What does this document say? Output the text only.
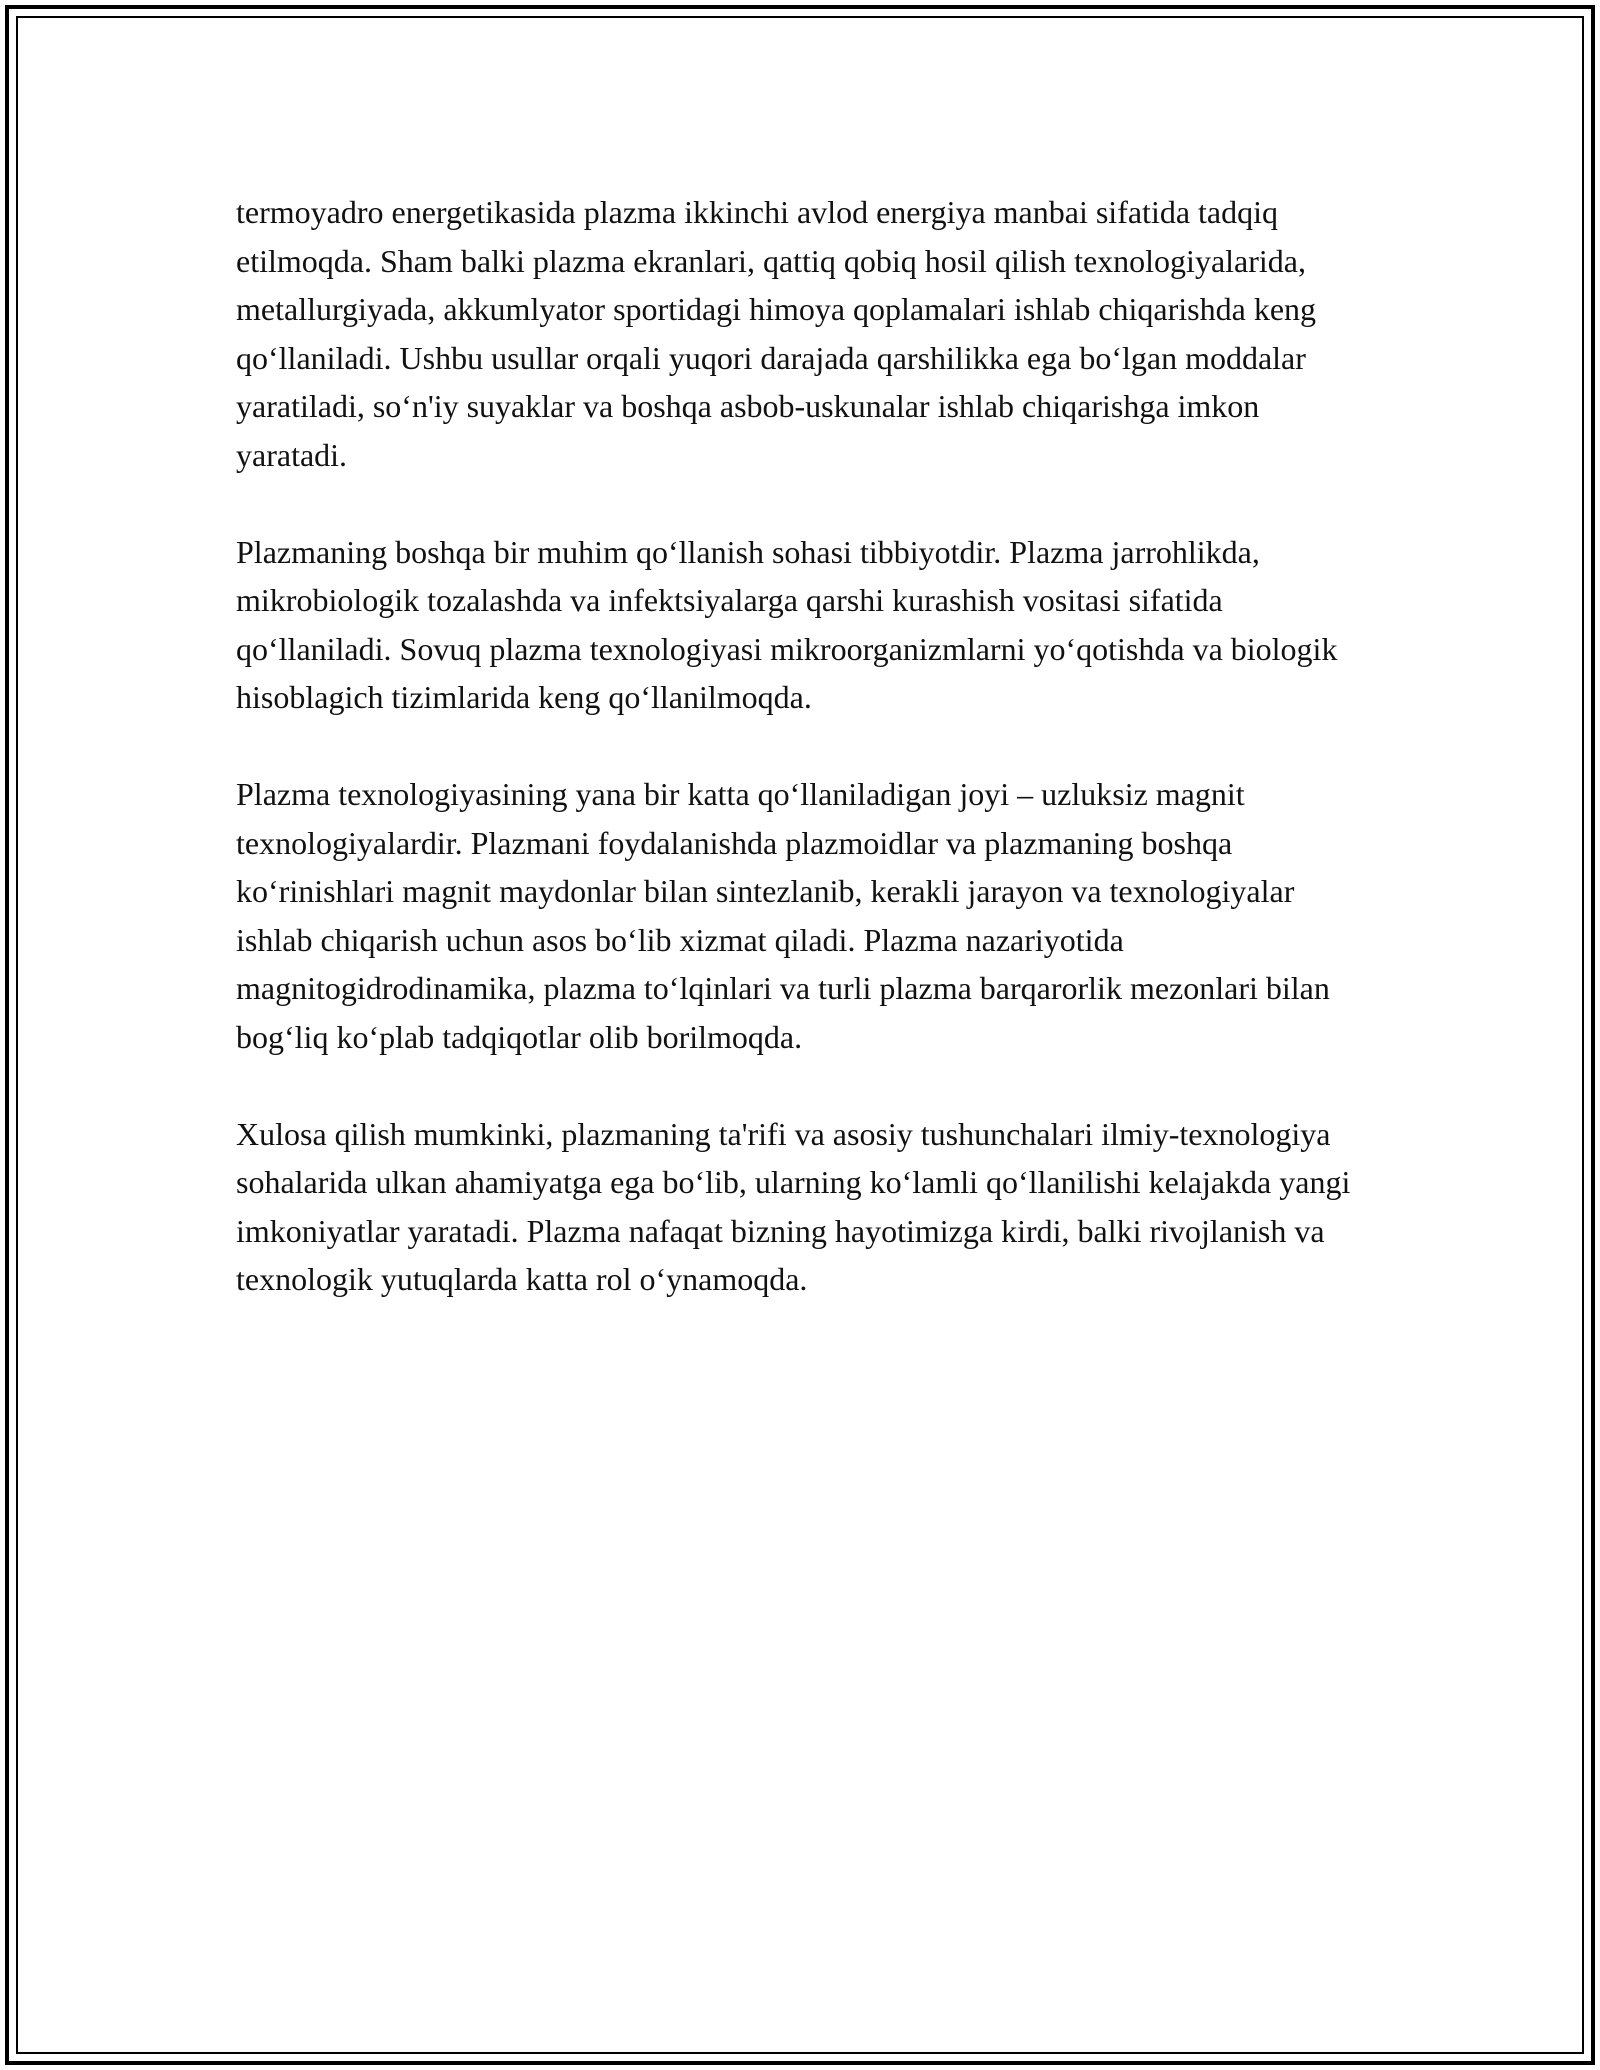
termoyadro energetikasida plazma ikkinchi avlod energiya manbai sifatida tadqiq etilmoqda. Sham balki plazma ekranlari, qattiq qobiq hosil qilish texnologiyalarida, metallurgiyada, akkumlyator sportidagi himoya qoplamalari ishlab chiqarishda keng qoʻllaniladi. Ushbu usullar orqali yuqori darajada qarshilikka ega boʻlgan moddalar yaratiladi, soʻn'iy suyaklar va boshqa asbob-uskunalar ishlab chiqarishga imkon yaratadi.

Plazmaning boshqa bir muhim qoʻllanish sohasi tibbiyotdir. Plazma jarrohlikda, mikrobiologik tozalashda va infektsiyalarga qarshi kurashish vositasi sifatida qoʻllaniladi. Sovuq plazma texnologiyasi mikroorganizmlarni yoʻqotishda va biologik hisoblagich tizimlarida keng qoʻllanilmoqda.

Plazma texnologiyasining yana bir katta qoʻllaniladigan joyi – uzluksiz magnit texnologiyalardir. Plazmani foydalanishda plazmoidlar va plazmaning boshqa koʻrinishlari magnit maydonlar bilan sintezlanib, kerakli jarayon va texnologiyalar ishlab chiqarish uchun asos boʻlib xizmat qiladi. Plazma nazariyotida magnitogidrodinamika, plazma toʻlqinlari va turli plazma barqarorlik mezonlari bilan bogʻliq koʻplab tadqiqotlar olib borilmoqda.

Xulosa qilish mumkinki, plazmaning ta'rifi va asosiy tushunchalari ilmiy-texnologiya sohalarida ulkan ahamiyatga ega boʻlib, ularning koʻlamli qoʻllanilishi kelajakda yangi imkoniyatlar yaratadi. Plazma nafaqat bizning hayotimizga kirdi, balki rivojlanish va texnologik yutuqlarda katta rol oʻynamoqda.
